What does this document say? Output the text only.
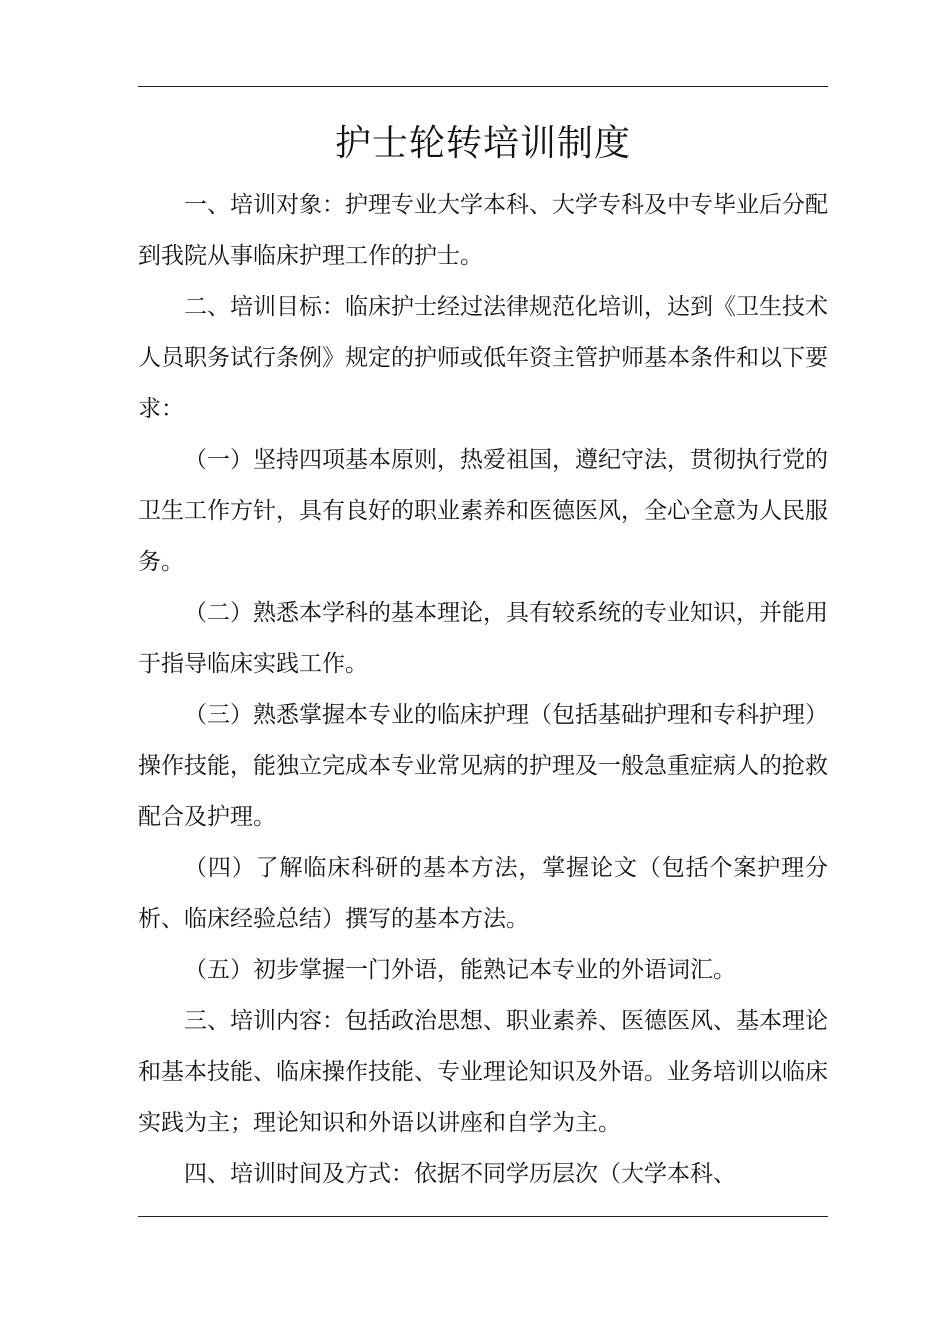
护士轮转培训制度

一、培训对象：护理专业大学本科、大学专科及中专毕业后分配到我院从事临床护理工作的护士。

二、培训目标：临床护士经过法律规范化培训，达到《卫生技术人员职务试行条例》规定的护师或低年资主管护师基本条件和以下要求：

（一）坚持四项基本原则，热爱祖国，遵纪守法，贯彻执行党的卫生工作方针，具有良好的职业素养和医德医风，全心全意为人民服务。

（二）熟悉本学科的基本理论，具有较系统的专业知识，并能用于指导临床实践工作。

（三）熟悉掌握本专业的临床护理（包括基础护理和专科护理）操作技能，能独立完成本专业常见病的护理及一般急重症病人的抢救配合及护理。

（四）了解临床科研的基本方法，掌握论文（包括个案护理分析、临床经验总结）撰写的基本方法。

（五）初步掌握一门外语，能熟记本专业的外语词汇。

三、培训内容：包括政治思想、职业素养、医德医风、基本理论和基本技能、临床操作技能、专业理论知识及外语。业务培训以临床实践为主；理论知识和外语以讲座和自学为主。

四、培训时间及方式：依据不同学历层次（大学本科、
